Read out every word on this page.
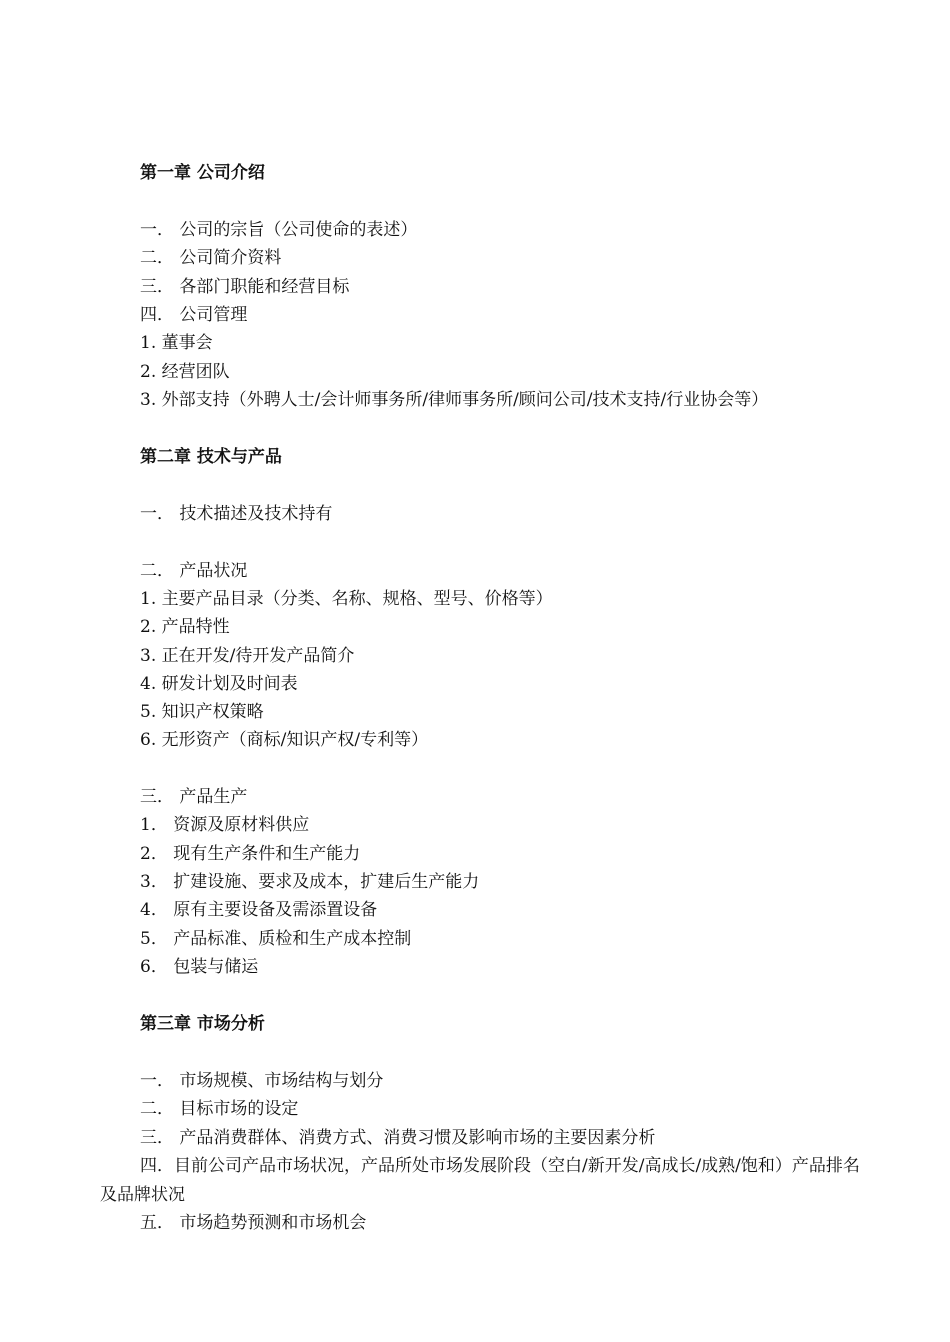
第一章 公司介绍
一． 公司的宗旨（公司使命的表述）
二． 公司简介资料
三． 各部门职能和经营目标
四． 公司管理
1. 董事会
2. 经营团队
3. 外部支持（外聘人士/会计师事务所/律师事务所/顾问公司/技术支持/行业协会等）
第二章 技术与产品
一． 技术描述及技术持有
二． 产品状况
1. 主要产品目录（分类、名称、规格、型号、价格等）
2. 产品特性
3. 正在开发/待开发产品简介
4. 研发计划及时间表
5. 知识产权策略
6. 无形资产（商标/知识产权/专利等）
三． 产品生产
1． 资源及原材料供应
2． 现有生产条件和生产能力
3． 扩建设施、要求及成本，扩建后生产能力
4． 原有主要设备及需添置设备
5． 产品标准、质检和生产成本控制
6． 包装与储运
第三章 市场分析
一． 市场规模、市场结构与划分
二． 目标市场的设定
三． 产品消费群体、消费方式、消费习惯及影响市场的主要因素分析
四．目前公司产品市场状况，产品所处市场发展阶段（空白/新开发/高成长/成熟/饱和）产品排名及品牌状况
五． 市场趋势预测和市场机会
